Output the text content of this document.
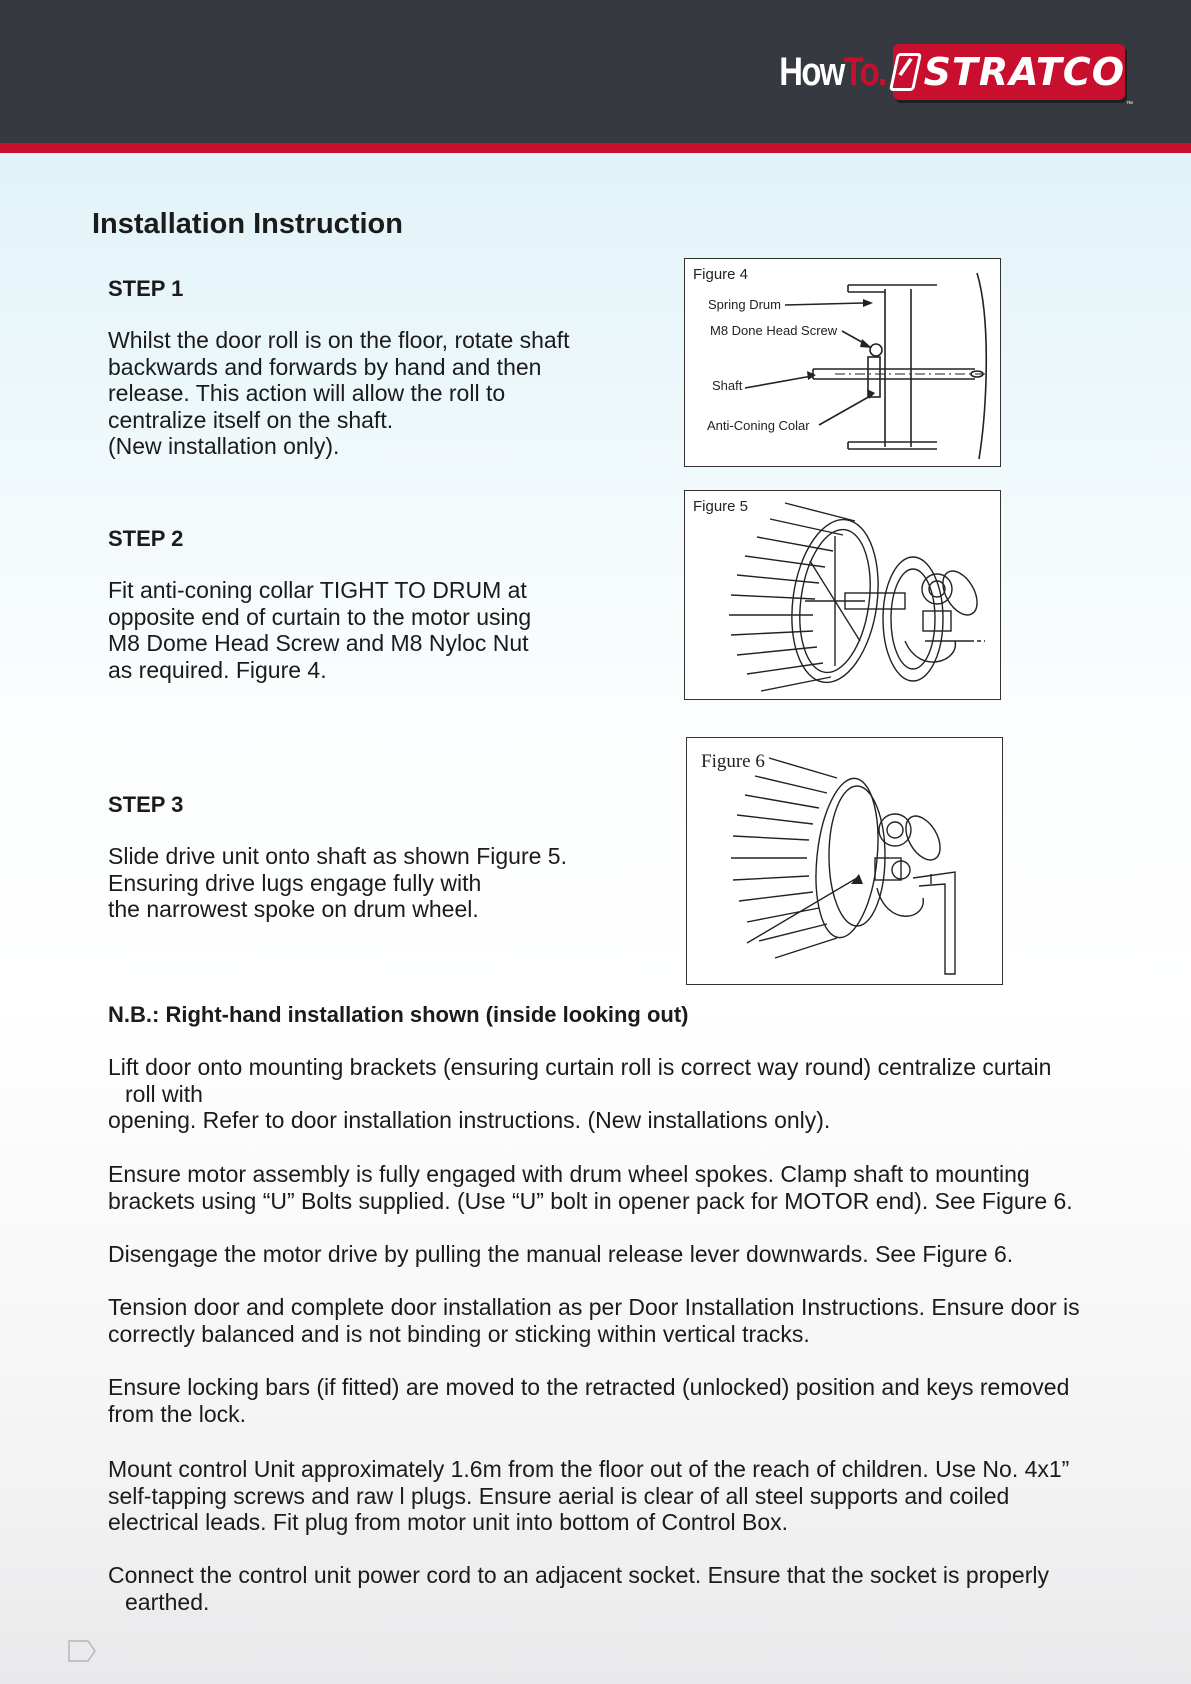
HowTo. STRATCO
™
Installation Instruction

STEP 1

Whilst the door roll is on the floor, rotate shaft
backwards and forwards by hand and then
release. This action will allow the roll to
centralize itself on the shaft.
(New installation only).

STEP 2

Fit anti-coning collar TIGHT TO DRUM at
opposite end of curtain to the motor using
M8 Dome Head Screw and M8 Nyloc Nut
as required. Figure 4.

STEP 3

Slide drive unit onto shaft as shown Figure 5.
Ensuring drive lugs engage fully with
the narrowest spoke on drum wheel.

Figure 4
Spring Drum
M8 Done Head Screw
Shaft
Anti-Coning Colar
Figure 5
Figure 6

N.B.: Right-hand installation shown (inside looking out)

Lift door onto mounting brackets (ensuring curtain roll is correct way round) centralize curtain
roll with
opening. Refer to door installation instructions. (New installations only).

Ensure motor assembly is fully engaged with drum wheel spokes. Clamp shaft to mounting
brackets using “U” Bolts supplied. (Use “U” bolt in opener pack for MOTOR end). See Figure 6.

Disengage the motor drive by pulling the manual release lever downwards. See Figure 6.

Tension door and complete door installation as per Door Installation Instructions. Ensure door is
correctly balanced and is not binding or sticking within vertical tracks.

Ensure locking bars (if fitted) are moved to the retracted (unlocked) position and keys removed
from the lock.

Mount control Unit approximately 1.6m from the floor out of the reach of children. Use No. 4x1”
self-tapping screws and raw l plugs. Ensure aerial is clear of all steel supports and coiled
electrical leads. Fit plug from motor unit into bottom of Control Box.

Connect the control unit power cord to an adjacent socket. Ensure that the socket is properly
earthed.
